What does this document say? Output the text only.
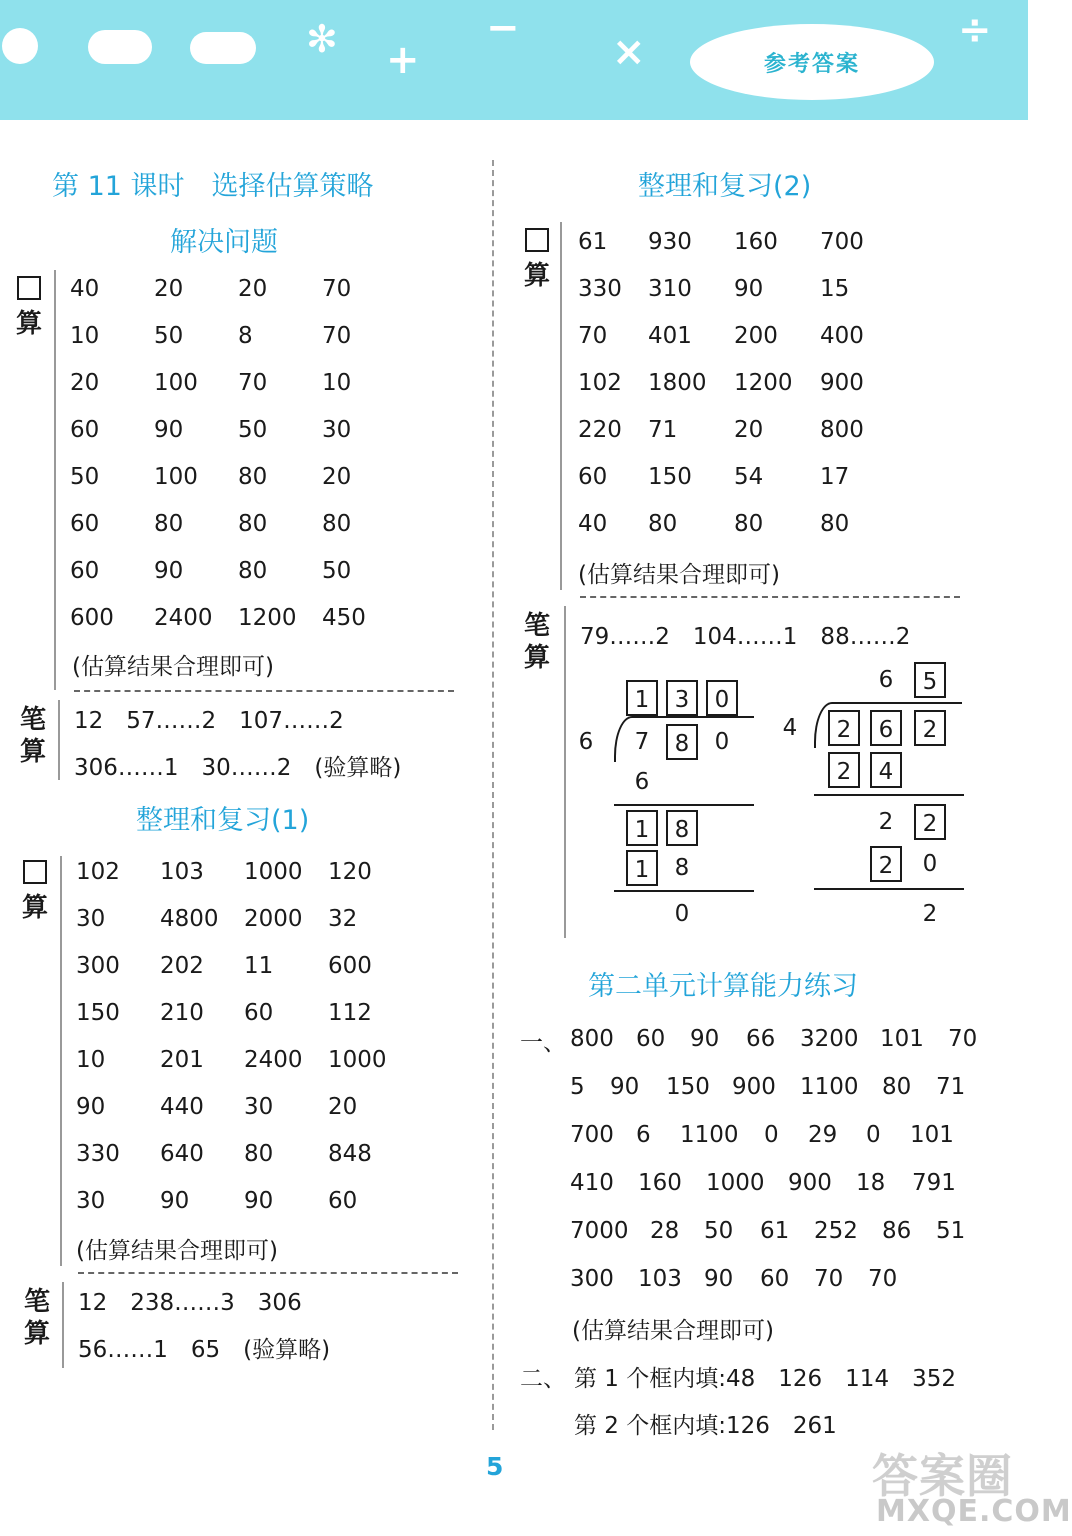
✻ +
−
×	÷
参考答案
第 11 课时　选择估算策略
解决问题

算
40 20 20 70
10 50 8	70
20 100 70 10
60 90 50 30
50 100 80 20
60 80 80 80
60 90 80 50
600 2400 1200 450
(估算结果合理即可)
笔
算
12　57……2　107……2
306……1　30……2　(验算略)
整理和复习(1)

算
102 103 1000 120
30 4800 2000 32
300 202 11 600
150 210 60 112
10 201 2400 1000
90 440 30 20
330 640 80 848
30 90 90 60
(估算结果合理即可)
笔
算
12　238……3　306
56……1　65　(验算略)
整理和复习(2)

算
61 930 160 700
330 310 90 15
70 401 200 400
102 1800 1200 900
220 71 20 800
60 150 54 17
40 80 80 80
(估算结果合理即可)
笔
算
79……2　104……1　88……2
1	3	0
6	7	8	0
6
1	8
1	8
0
6	5
4	2	6	2
2	4
2	2
2	0
2
第二单元计算能力练习
一、 800 60 90 66 3200 101 70
5 90 150 900 1100 80 71
700 6 1100 0 29 0 101
410 160 1000 900 18 791
7000 28 50 61 252 86 51
300 103 90 60 70 70
(估算结果合理即可)
二、 第 1 个框内填:48　126　114　352
第 2 个框内填:126　261
5	答案圈
MXQE.COM
